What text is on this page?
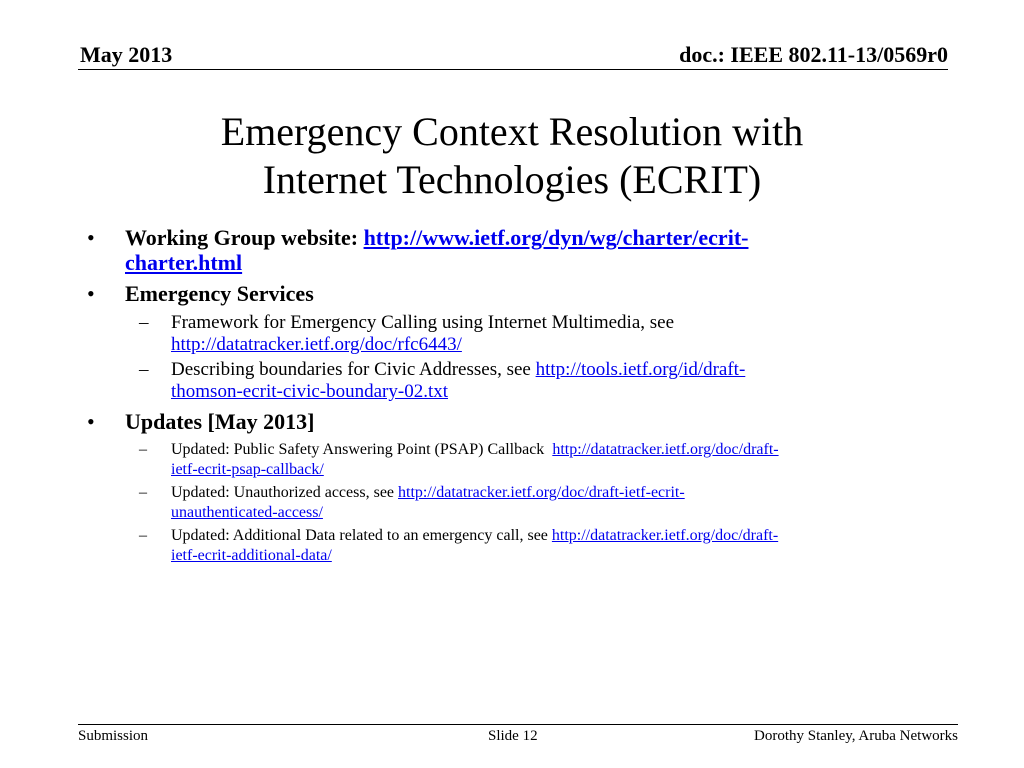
May 2013	doc.: IEEE 802.11-13/0569r0
Emergency Context Resolution with
Internet Technologies (ECRIT)
• Working Group website: http://www.ietf.org/dyn/wg/charter/ecrit-
charter.html
• Emergency Services
– Framework for Emergency Calling using Internet Multimedia, see
http://datatracker.ietf.org/doc/rfc6443/
– Describing boundaries for Civic Addresses, see http://tools.ietf.org/id/draft-
thomson-ecrit-civic-boundary-02.txt
• Updates [May 2013]
– Updated: Public Safety Answering Point (PSAP) Callback  http://datatracker.ietf.org/doc/draft-
ietf-ecrit-psap-callback/
– Updated: Unauthorized access, see http://datatracker.ietf.org/doc/draft-ietf-ecrit-
unauthenticated-access/
– Updated: Additional Data related to an emergency call, see http://datatracker.ietf.org/doc/draft-
ietf-ecrit-additional-data/
Submission	Slide 12	Dorothy Stanley, Aruba Networks
